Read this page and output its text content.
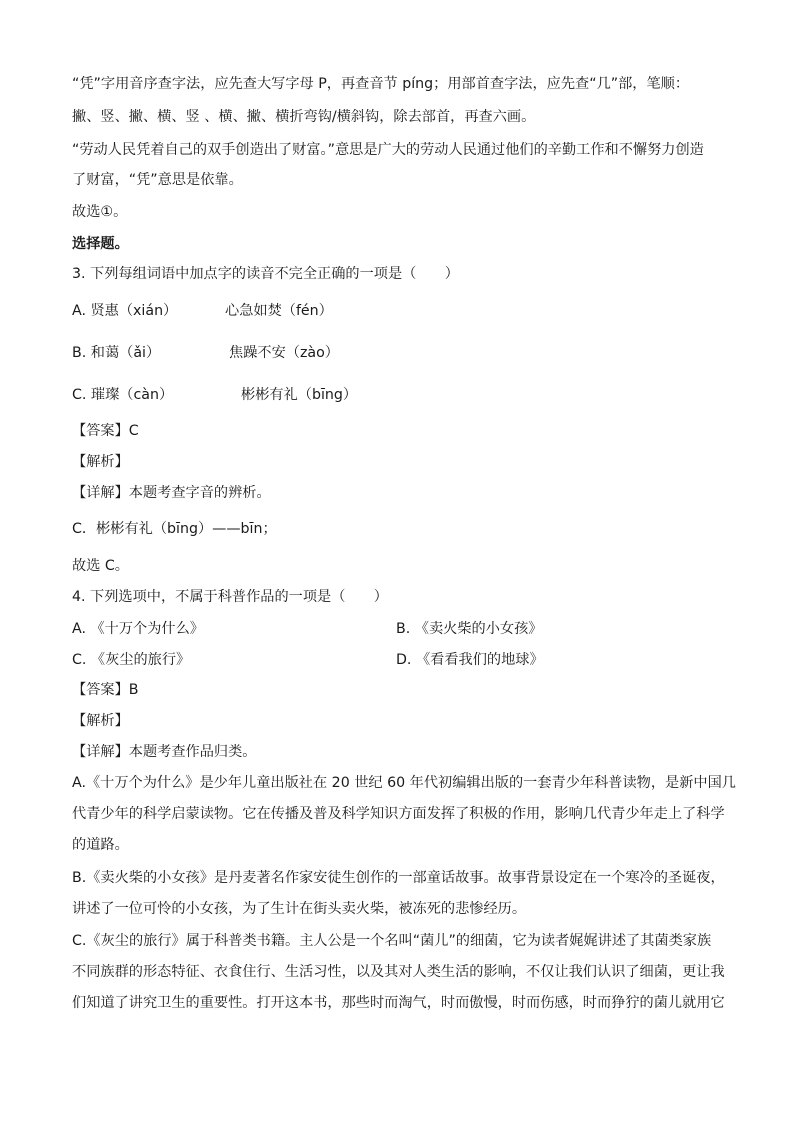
“凭”字用音序查字法，应先查大写字母 P，再查音节 píng；用部首查字法，应先查“几”部，笔顺：
撇、竖、撇、横、竖 、横、撇、横折弯钩/横斜钩，除去部首，再查六画。
“劳动人民凭着自己的双手创造出了财富。”意思是广大的劳动人民通过他们的辛勤工作和不懈努力创造
了财富，“凭”意思是依靠。
故选①。
选择题。
3. 下列每组词语中加点字的读音不完全正确的一项是（　　）
A. 贤惠（xián）	心急如焚（fén）
B. 和蔼（ǎi）	焦躁不安（zào）
C. 璀璨（càn）	彬彬有礼（bīng）
【答案】C
【解析】
【详解】本题考查字音的辨析。
C．彬彬有礼（bīng）——bīn；
故选 C。
4. 下列选项中，不属于科普作品的一项是（　　）
A. 《十万个为什么》	B. 《卖火柴的小女孩》
C. 《灰尘的旅行》	D. 《看看我们的地球》
【答案】B
【解析】
【详解】本题考查作品归类。
A.《十万个为什么》是少年儿童出版社在 20 世纪 60 年代初编辑出版的一套青少年科普读物，是新中国几
代青少年的科学启蒙读物。它在传播及普及科学知识方面发挥了积极的作用，影响几代青少年走上了科学
的道路。
B.《卖火柴的小女孩》是丹麦著名作家安徒生创作的一部童话故事。故事背景设定在一个寒冷的圣诞夜，
讲述了一位可怜的小女孩，为了生计在街头卖火柴，被冻死的悲惨经历。
C.《灰尘的旅行》属于科普类书籍。主人公是一个名叫“菌儿”的细菌，它为读者娓娓讲述了其菌类家族
不同族群的形态特征、衣食住行、生活习性，以及其对人类生活的影响，不仅让我们认识了细菌，更让我
们知道了讲究卫生的重要性。打开这本书，那些时而淘气，时而傲慢，时而伤感，时而狰狞的菌儿就用它
